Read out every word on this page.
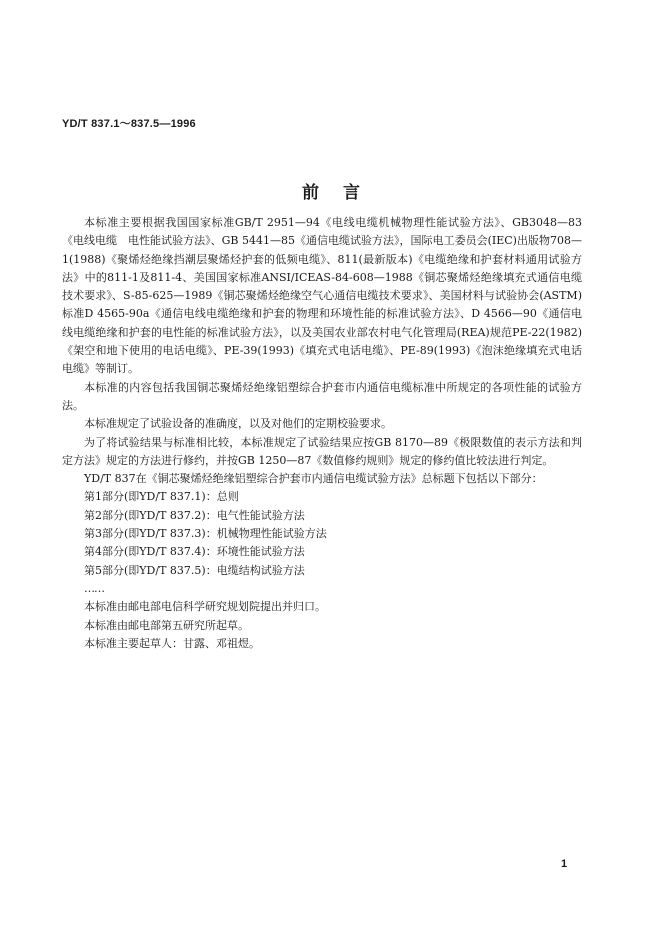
YD/T 837.1～837.5—1996
前言

本标准主要根据我国国家标准GB/T 2951—94《电线电缆机械物理性能试验方法》、GB3048—83《电线电缆　电性能试验方法》、GB 5441—85《通信电缆试验方法》，国际电工委员会(IEC)出版物708—1(1988)《聚烯烃绝缘挡潮层聚烯烃护套的低频电缆》、811(最新版本)《电缆绝缘和护套材料通用试验方法》中的811-1及811-4、美国国家标准ANSI/ICEAS-84-608—1988《铜芯聚烯烃绝缘填充式通信电缆技术要求》、S-85-625—1989《铜芯聚烯烃绝缘空气心通信电缆技术要求》、美国材料与试验协会(ASTM)标准D 4565-90a《通信电线电缆绝缘和护套的物理和环境性能的标准试验方法》、D 4566—90《通信电线电缆绝缘和护套的电性能的标准试验方法》，以及美国农业部农村电气化管理局(REA)规范PE-22(1982)《架空和地下使用的电话电缆》、PE-39(1993)《填充式电话电缆》、PE-89(1993)《泡沫绝缘填充式电话电缆》等制订。

本标准的内容包括我国铜芯聚烯烃绝缘铝塑综合护套市内通信电缆标准中所规定的各项性能的试验方法。

本标准规定了试验设备的准确度，以及对他们的定期校验要求。

为了将试验结果与标准相比较，本标准规定了试验结果应按GB 8170—89《极限数值的表示方法和判定方法》规定的方法进行修约，并按GB 1250—87《数值修约规则》规定的修约值比较法进行判定。

YD/T 837在《铜芯聚烯烃绝缘铝塑综合护套市内通信电缆试验方法》总标题下包括以下部分：

第1部分(即YD/T 837.1)：总则
第2部分(即YD/T 837.2)：电气性能试验方法
第3部分(即YD/T 837.3)：机械物理性能试验方法
第4部分(即YD/T 837.4)：环境性能试验方法
第5部分(即YD/T 837.5)：电缆结构试验方法

……

本标准由邮电部电信科学研究规划院提出并归口。

本标准由邮电部第五研究所起草。

本标准主要起草人：甘露、邓祖煜。

1
